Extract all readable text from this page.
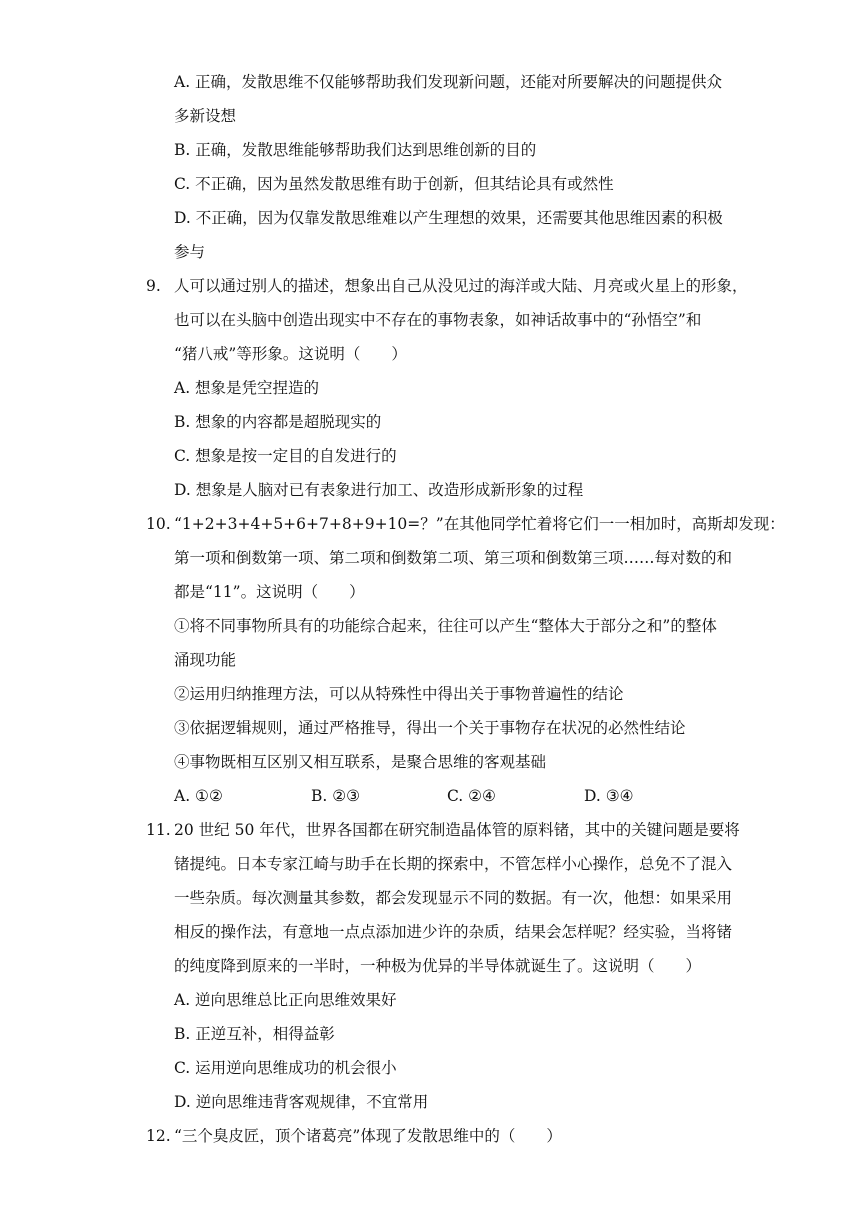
A. 正确，发散思维不仅能够帮助我们发现新问题，还能对所要解决的问题提供众
多新设想
B. 正确，发散思维能够帮助我们达到思维创新的目的
C. 不正确，因为虽然发散思维有助于创新，但其结论具有或然性
D. 不正确，因为仅靠发散思维难以产生理想的效果，还需要其他思维因素的积极
参与
9. 人可以通过别人的描述，想象出自己从没见过的海洋或大陆、月亮或火星上的形象，
也可以在头脑中创造出现实中不存在的事物表象，如神话故事中的“孙悟空”和
“猪八戒”等形象。这说明（　　）
A. 想象是凭空捏造的
B. 想象的内容都是超脱现实的
C. 想象是按一定目的自发进行的
D. 想象是人脑对已有表象进行加工、改造形成新形象的过程
10. “1+2+3+4+5+6+7+8+9+10=？”在其他同学忙着将它们一一相加时，高斯却发现：
第一项和倒数第一项、第二项和倒数第二项、第三项和倒数第三项……每对数的和
都是“11”。这说明（　　）
①将不同事物所具有的功能综合起来，往往可以产生“整体大于部分之和”的整体
涌现功能
②运用归纳推理方法，可以从特殊性中得出关于事物普遍性的结论
③依据逻辑规则，通过严格推导，得出一个关于事物存在状况的必然性结论
④事物既相互区别又相互联系，是聚合思维的客观基础
A. ①②	B. ②③	C. ②④	D. ③④
11. 20 世纪 50 年代，世界各国都在研究制造晶体管的原料锗，其中的关键问题是要将
锗提纯。日本专家江崎与助手在长期的探索中，不管怎样小心操作，总免不了混入
一些杂质。每次测量其参数，都会发现显示不同的数据。有一次，他想：如果采用
相反的操作法，有意地一点点添加进少许的杂质，结果会怎样呢？经实验，当将锗
的纯度降到原来的一半时，一种极为优异的半导体就诞生了。这说明（　　）
A. 逆向思维总比正向思维效果好
B. 正逆互补，相得益彰
C. 运用逆向思维成功的机会很小
D. 逆向思维违背客观规律，不宜常用
12. “三个臭皮匠，顶个诸葛亮”体现了发散思维中的（　　）
